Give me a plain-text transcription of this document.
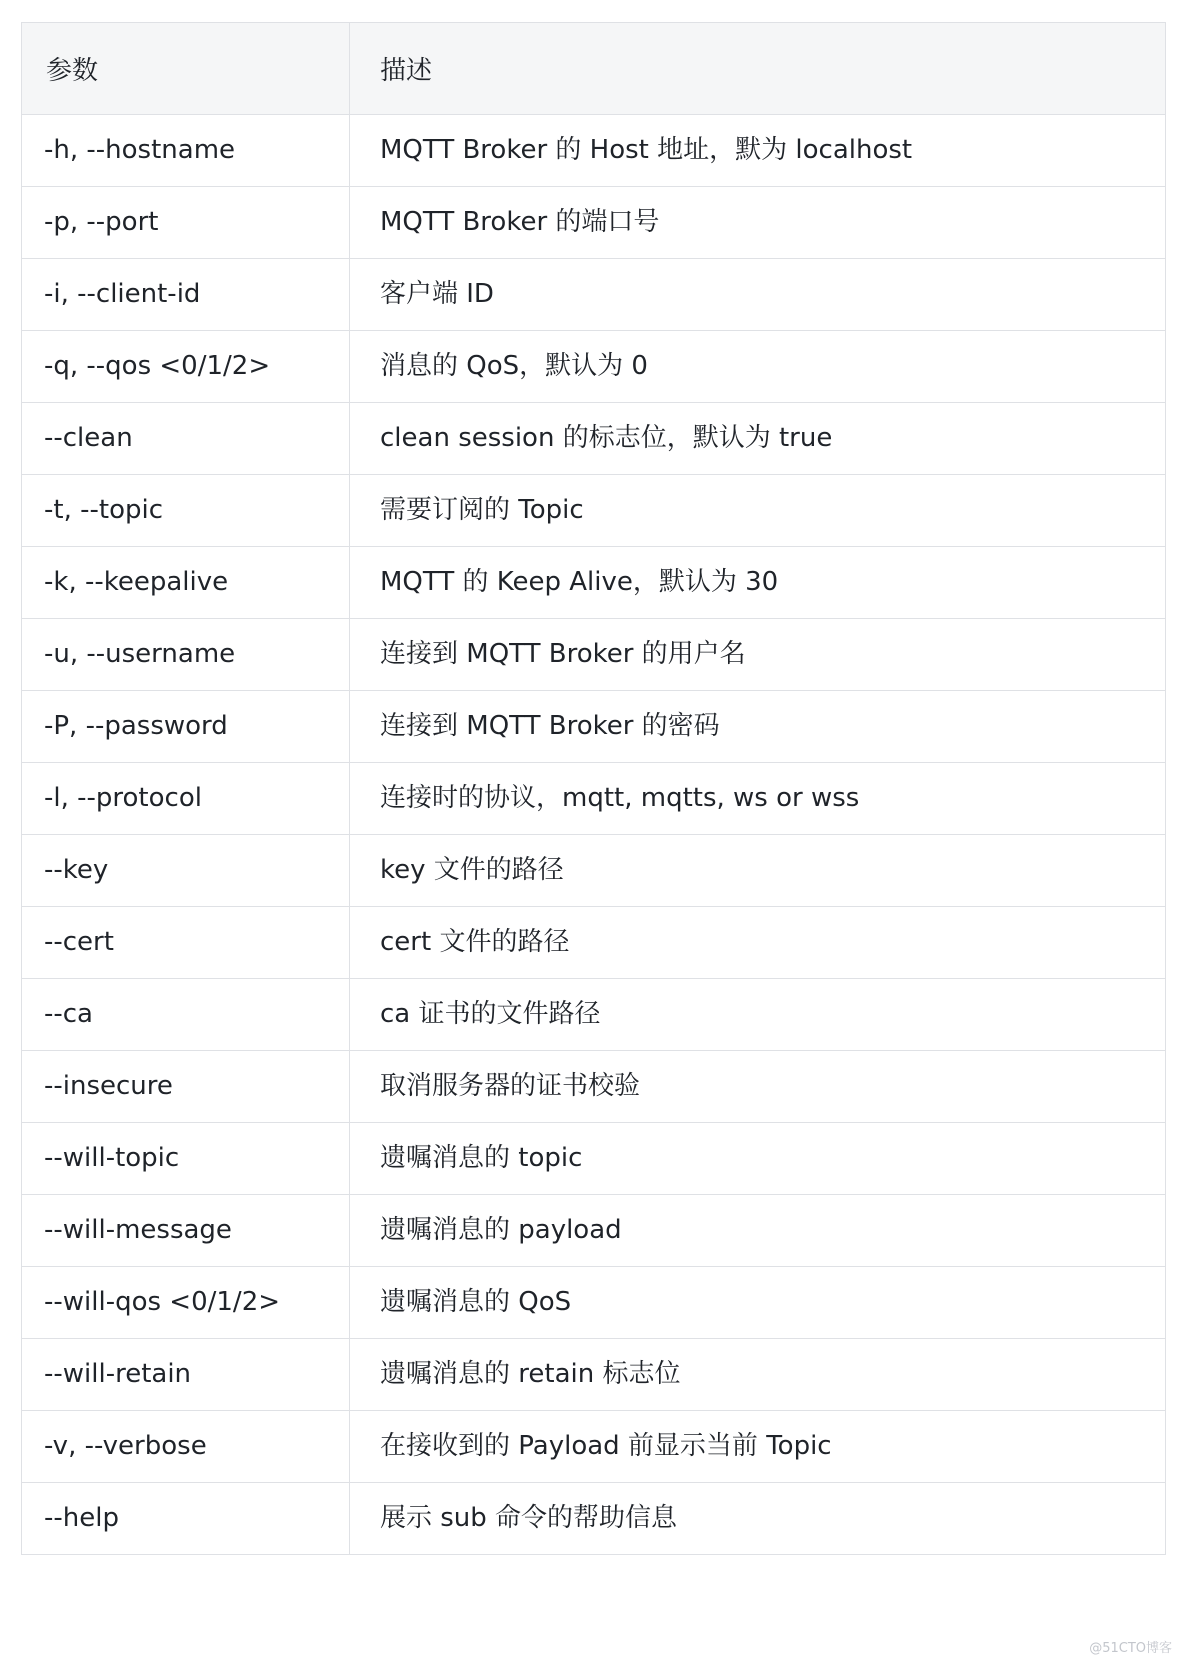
参数	描述
-h, --hostname	MQTT Broker 的 Host 地址，默为 localhost
-p, --port	MQTT Broker 的端口号
-i, --client-id	客户端 ID
-q, --qos <0/1/2>	消息的 QoS，默认为 0
--clean	clean session 的标志位，默认为 true
-t, --topic	需要订阅的 Topic
-k, --keepalive	MQTT 的 Keep Alive，默认为 30
-u, --username	连接到 MQTT Broker 的用户名
-P, --password	连接到 MQTT Broker 的密码
-l, --protocol	连接时的协议，mqtt, mqtts, ws or wss
--key	key 文件的路径
--cert	cert 文件的路径
--ca	ca 证书的文件路径
--insecure	取消服务器的证书校验
--will-topic	遗嘱消息的 topic
--will-message	遗嘱消息的 payload
--will-qos <0/1/2>	遗嘱消息的 QoS
--will-retain	遗嘱消息的 retain 标志位
-v, --verbose	在接收到的 Payload 前显示当前 Topic
--help	展示 sub 命令的帮助信息
@51CTO博客
